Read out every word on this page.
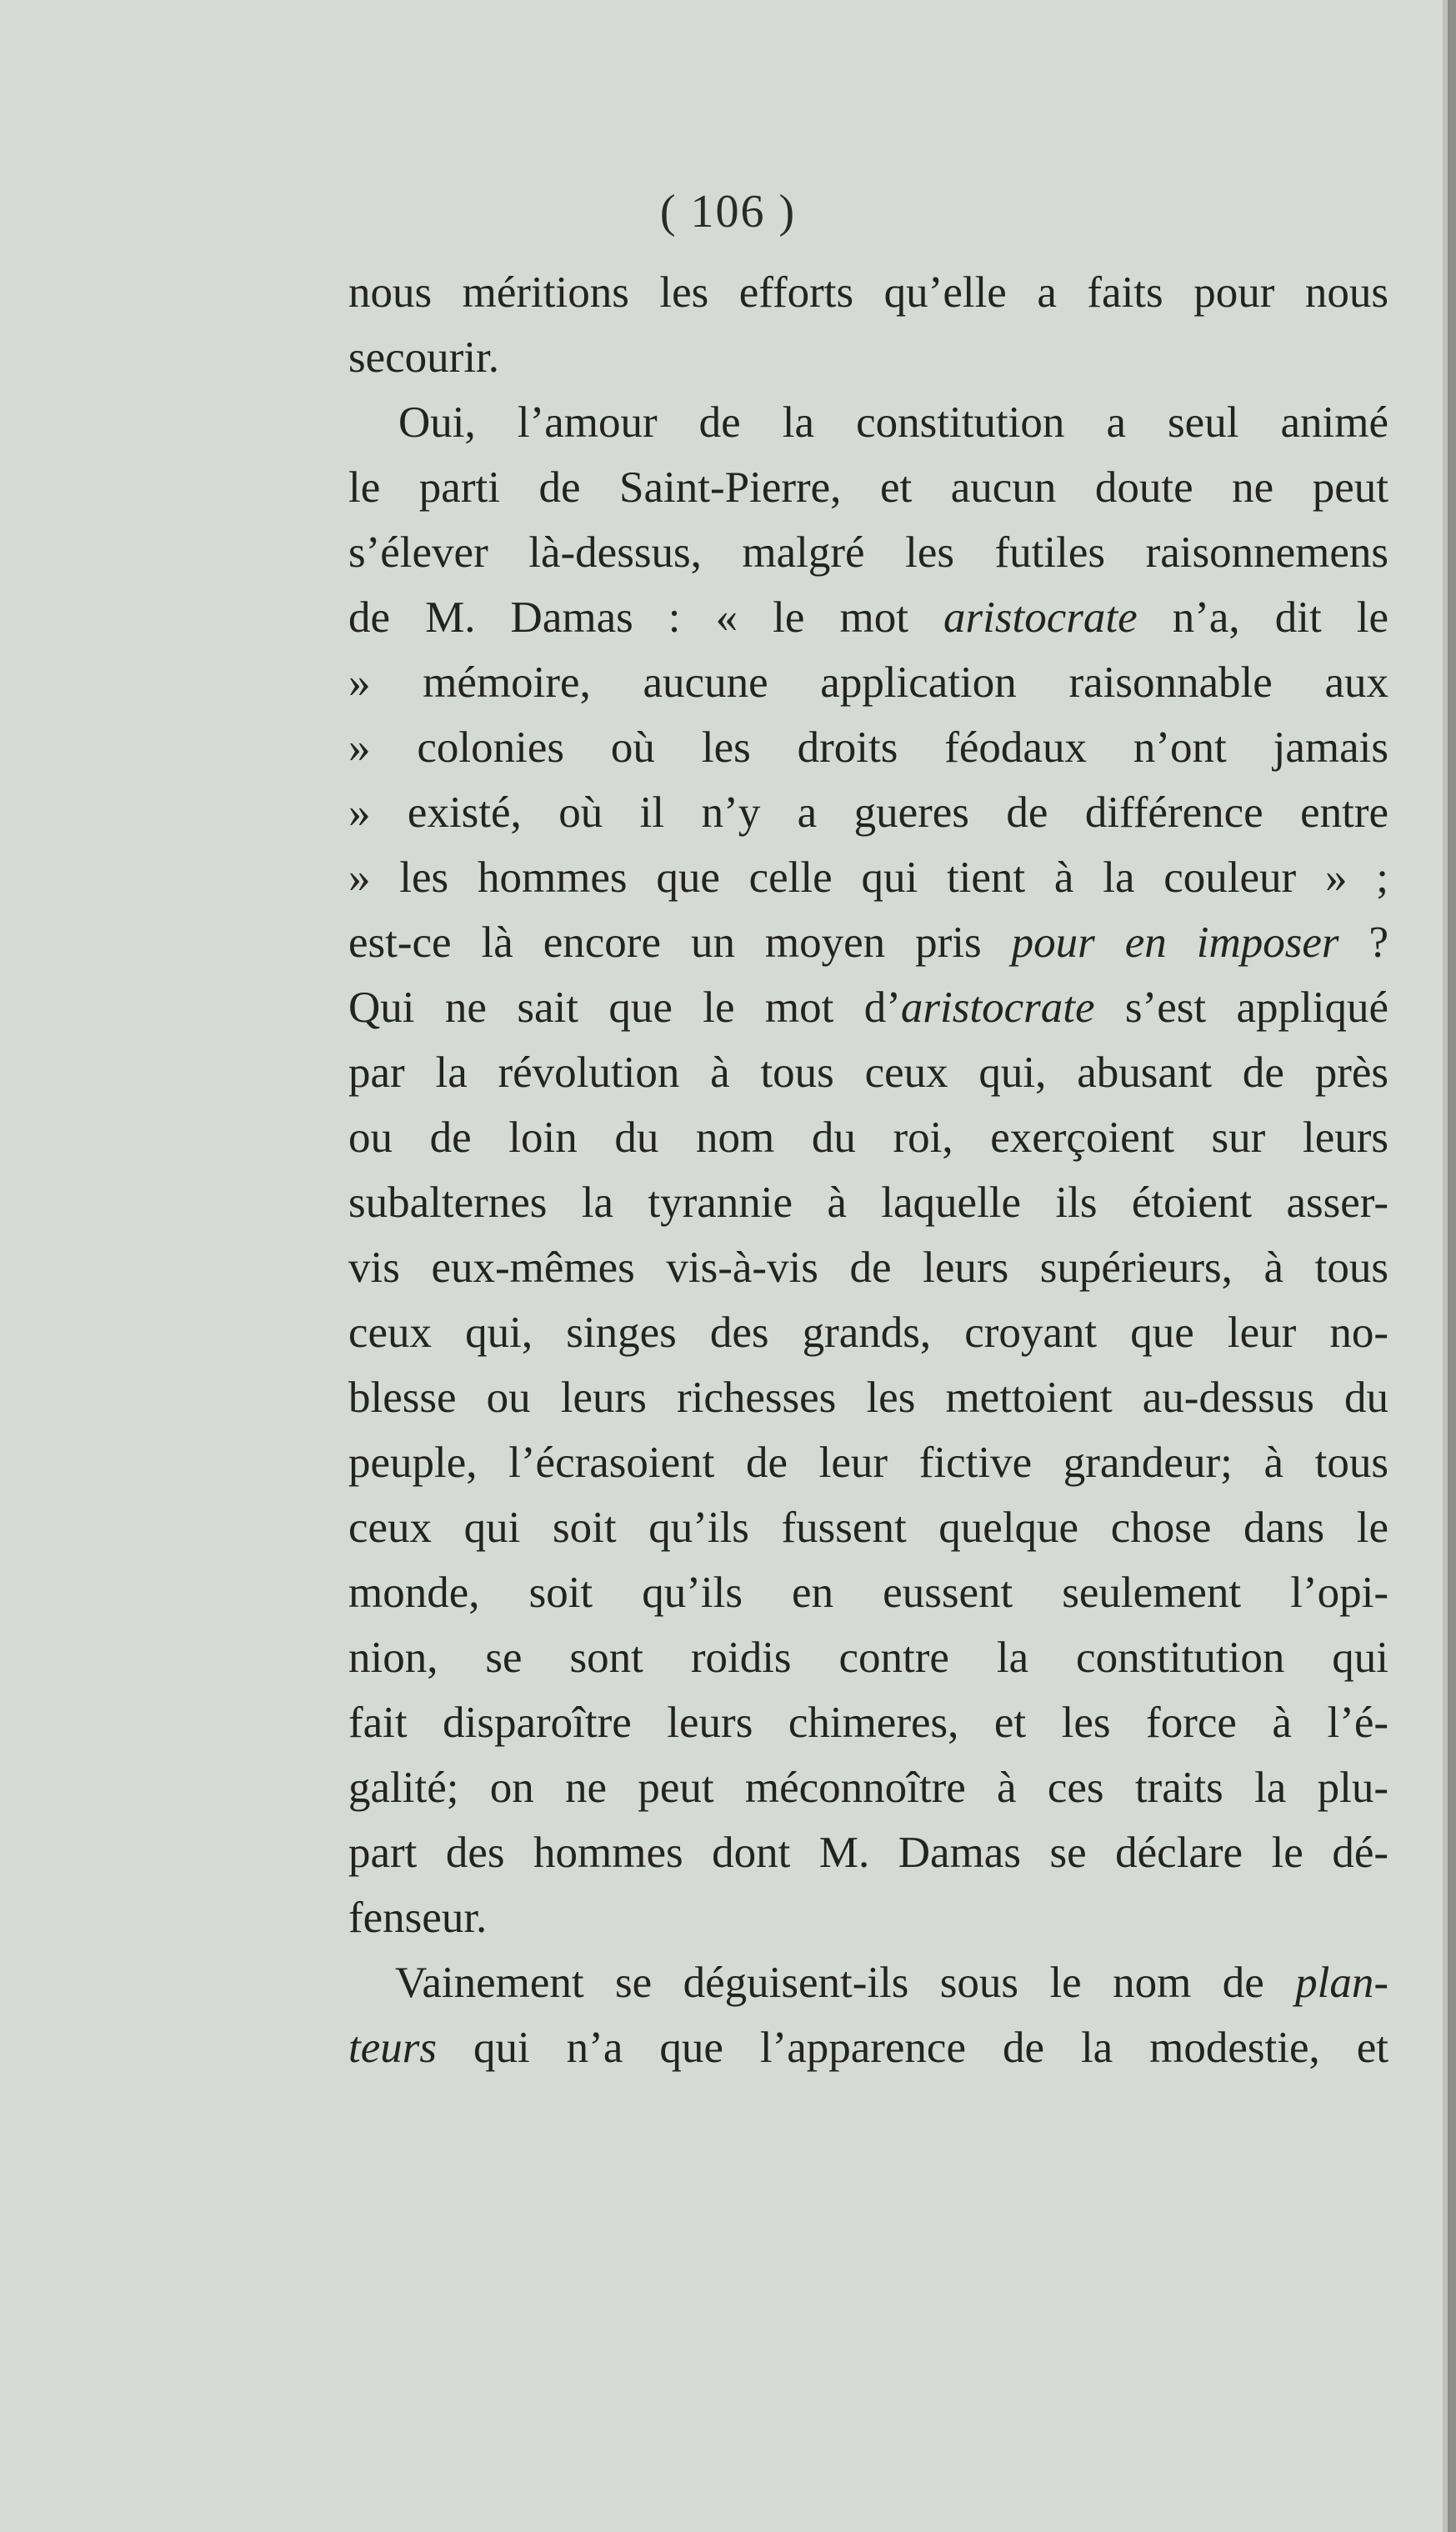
( 106 )
nous méritions les efforts qu’elle a faits pour nous
secourir.
Oui, l’amour de la constitution a seul animé
le parti de Saint-Pierre, et aucun doute ne peut
s’élever là-dessus, malgré les futiles raisonnemens
de M. Damas : « le mot aristocrate n’a, dit le
» mémoire, aucune application raisonnable aux
» colonies où les droits féodaux n’ont jamais
» existé, où il n’y a gueres de différence entre
» les hommes que celle qui tient à la couleur » ;
est-ce là encore un moyen pris pour en imposer ?
Qui ne sait que le mot d’aristocrate s’est appliqué
par la révolution à tous ceux qui, abusant de près
ou de loin du nom du roi, exerçoient sur leurs
subalternes la tyrannie à laquelle ils étoient asser-
vis eux-mêmes vis-à-vis de leurs supérieurs, à tous
ceux qui, singes des grands, croyant que leur no-
blesse ou leurs richesses les mettoient au-dessus du
peuple, l’écrasoient de leur fictive grandeur; à tous
ceux qui soit qu’ils fussent quelque chose dans le
monde, soit qu’ils en eussent seulement l’opi-
nion, se sont roidis contre la constitution qui
fait disparoître leurs chimeres, et les force à l’é-
galité; on ne peut méconnoître à ces traits la plu-
part des hommes dont M. Damas se déclare le dé-
fenseur.
Vainement se déguisent-ils sous le nom de plan-
teurs qui n’a que l’apparence de la modestie, et
